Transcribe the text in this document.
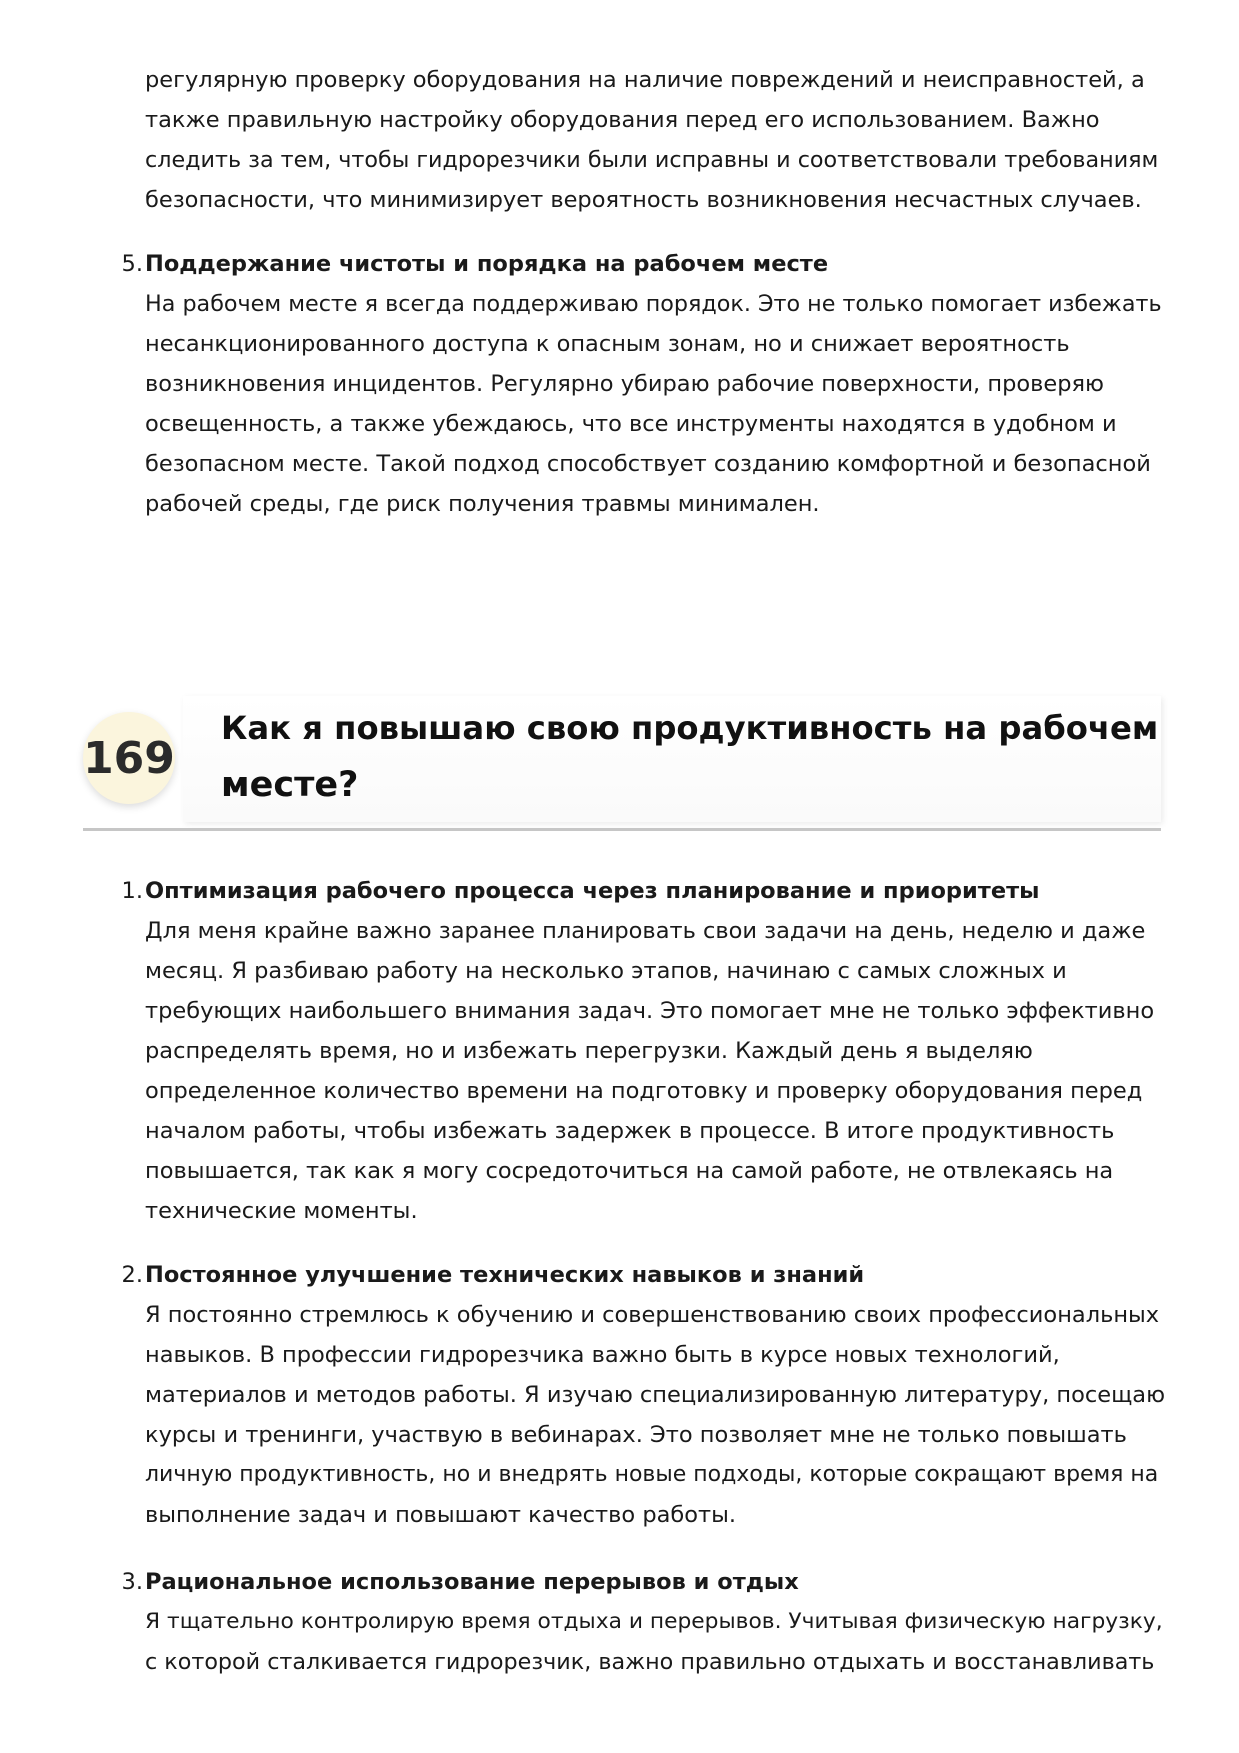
регулярную проверку оборудования на наличие повреждений и неисправностей, а

также правильную настройку оборудования перед его использованием. Важно

следить за тем, чтобы гидрорезчики были исправны и соответствовали требованиям

безопасности, что минимизирует вероятность возникновения несчастных случаев.

5. Поддержание чистоты и порядка на рабочем месте

На рабочем месте я всегда поддерживаю порядок. Это не только помогает избежать

несанкционированного доступа к опасным зонам, но и снижает вероятность

возникновения инцидентов. Регулярно убираю рабочие поверхности, проверяю

освещенность, а также убеждаюсь, что все инструменты находятся в удобном и

безопасном месте. Такой подход способствует созданию комфортной и безопасной

рабочей среды, где риск получения травмы минимален.

169
Как я повышаю свою продуктивность на рабочем
месте?
1. Оптимизация рабочего процесса через планирование и приоритеты

Для меня крайне важно заранее планировать свои задачи на день, неделю и даже

месяц. Я разбиваю работу на несколько этапов, начинаю с самых сложных и

требующих наибольшего внимания задач. Это помогает мне не только эффективно

распределять время, но и избежать перегрузки. Каждый день я выделяю

определенное количество времени на подготовку и проверку оборудования перед

началом работы, чтобы избежать задержек в процессе. В итоге продуктивность

повышается, так как я могу сосредоточиться на самой работе, не отвлекаясь на

технические моменты.

2. Постоянное улучшение технических навыков и знаний

Я постоянно стремлюсь к обучению и совершенствованию своих профессиональных

навыков. В профессии гидрорезчика важно быть в курсе новых технологий,

материалов и методов работы. Я изучаю специализированную литературу, посещаю

курсы и тренинги, участвую в вебинарах. Это позволяет мне не только повышать

личную продуктивность, но и внедрять новые подходы, которые сокращают время на

выполнение задач и повышают качество работы.

3. Рациональное использование перерывов и отдых

Я тщательно контролирую время отдыха и перерывов. Учитывая физическую нагрузку,

с которой сталкивается гидрорезчик, важно правильно отдыхать и восстанавливать
